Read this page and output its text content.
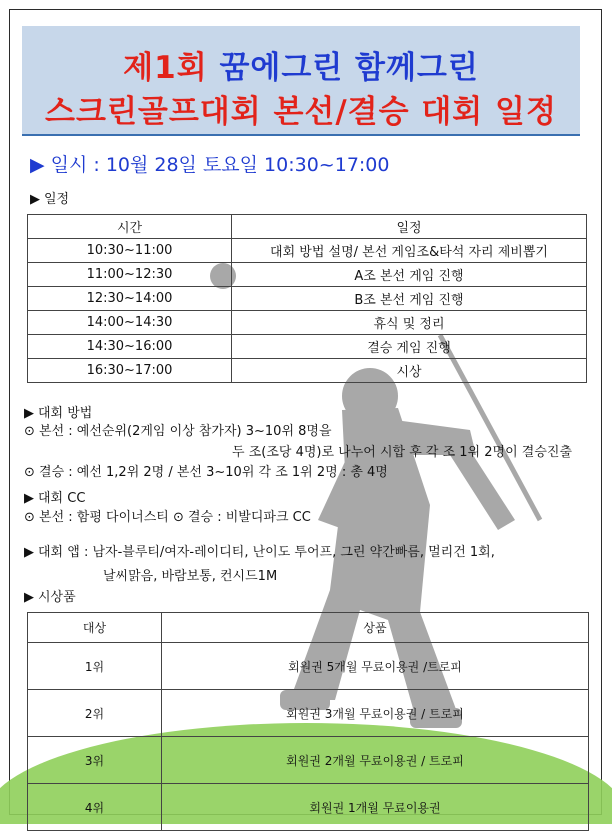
제1회 꿈에그린 함께그린
스크린골프대회 본선/결승 대회 일정
▶ 일시 : 10월 28일 토요일 10:30~17:00
▶ 일정
시간	일정
10:30~11:00	대회 방법 설명/ 본선 게임조&타석 자리 제비뽑기
11:00~12:30	A조 본선 게임 진행
12:30~14:00	B조 본선 게임 진행
14:00~14:30	휴식 및 정리
14:30~16:00	결승 게임 진행
16:30~17:00	시상
▶ 대회 방법
⊙ 본선 : 예선순위(2게임 이상 참가자) 3~10위 8명을
두 조(조당 4명)로 나누어 시합 후 각 조 1위 2명이 결승진출
⊙ 결승 : 예선 1,2위 2명 / 본선 3~10위 각 조 1위 2명 : 총 4명
▶ 대회 CC
⊙ 본선 : 함평 다이너스티 ⊙ 결승 : 비발디파크 CC
▶ 대회 앱 : 남자-블루티/여자-레이디티, 난이도 투어프, 그린 약간빠름, 멀리건 1회,
날씨맑음, 바람보통, 컨시드1M
▶ 시상품
대상	상품
1위	회원권 5개월 무료이용권 /트로피
2위	회원권 3개월 무료이용권 / 트로피
3위	회원권 2개월 무료이용권 / 트로피
4위	회원권 1개월 무료이용권
